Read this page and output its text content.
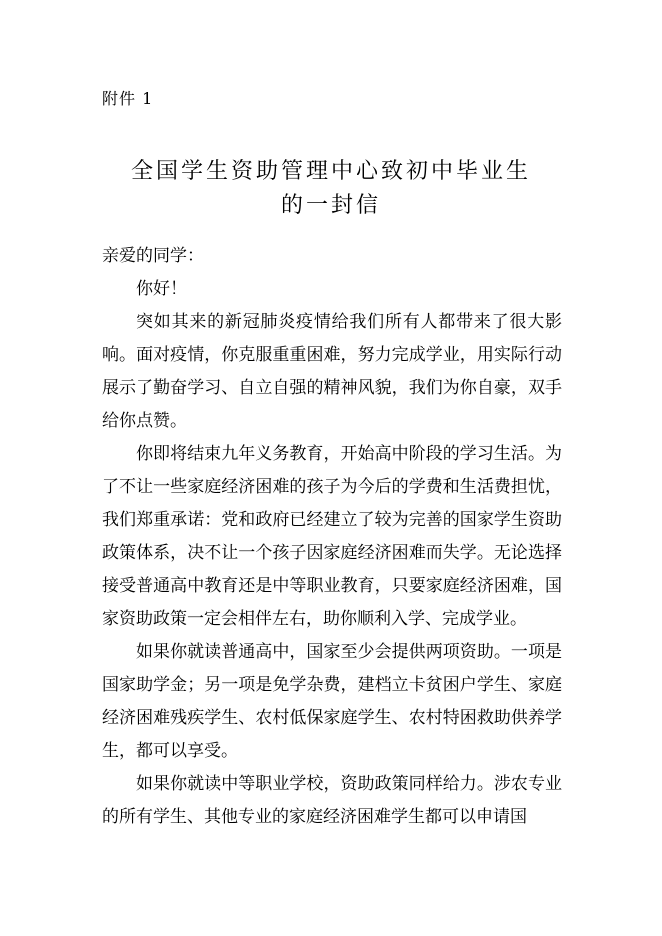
附件 1
全国学生资助管理中心致初中毕业生
的一封信

亲爱的同学：

你好！

突如其来的新冠肺炎疫情给我们所有人都带来了很大影响。面对疫情，你克服重重困难，努力完成学业，用实际行动展示了勤奋学习、自立自强的精神风貌，我们为你自豪，双手给你点赞。

你即将结束九年义务教育，开始高中阶段的学习生活。为了不让一些家庭经济困难的孩子为今后的学费和生活费担忧，我们郑重承诺：党和政府已经建立了较为完善的国家学生资助政策体系，决不让一个孩子因家庭经济困难而失学。无论选择接受普通高中教育还是中等职业教育，只要家庭经济困难，国家资助政策一定会相伴左右，助你顺利入学、完成学业。

如果你就读普通高中，国家至少会提供两项资助。一项是国家助学金；另一项是免学杂费，建档立卡贫困户学生、家庭经济困难残疾学生、农村低保家庭学生、农村特困救助供养学生，都可以享受。

如果你就读中等职业学校，资助政策同样给力。涉农专业的所有学生、其他专业的家庭经济困难学生都可以申请国
